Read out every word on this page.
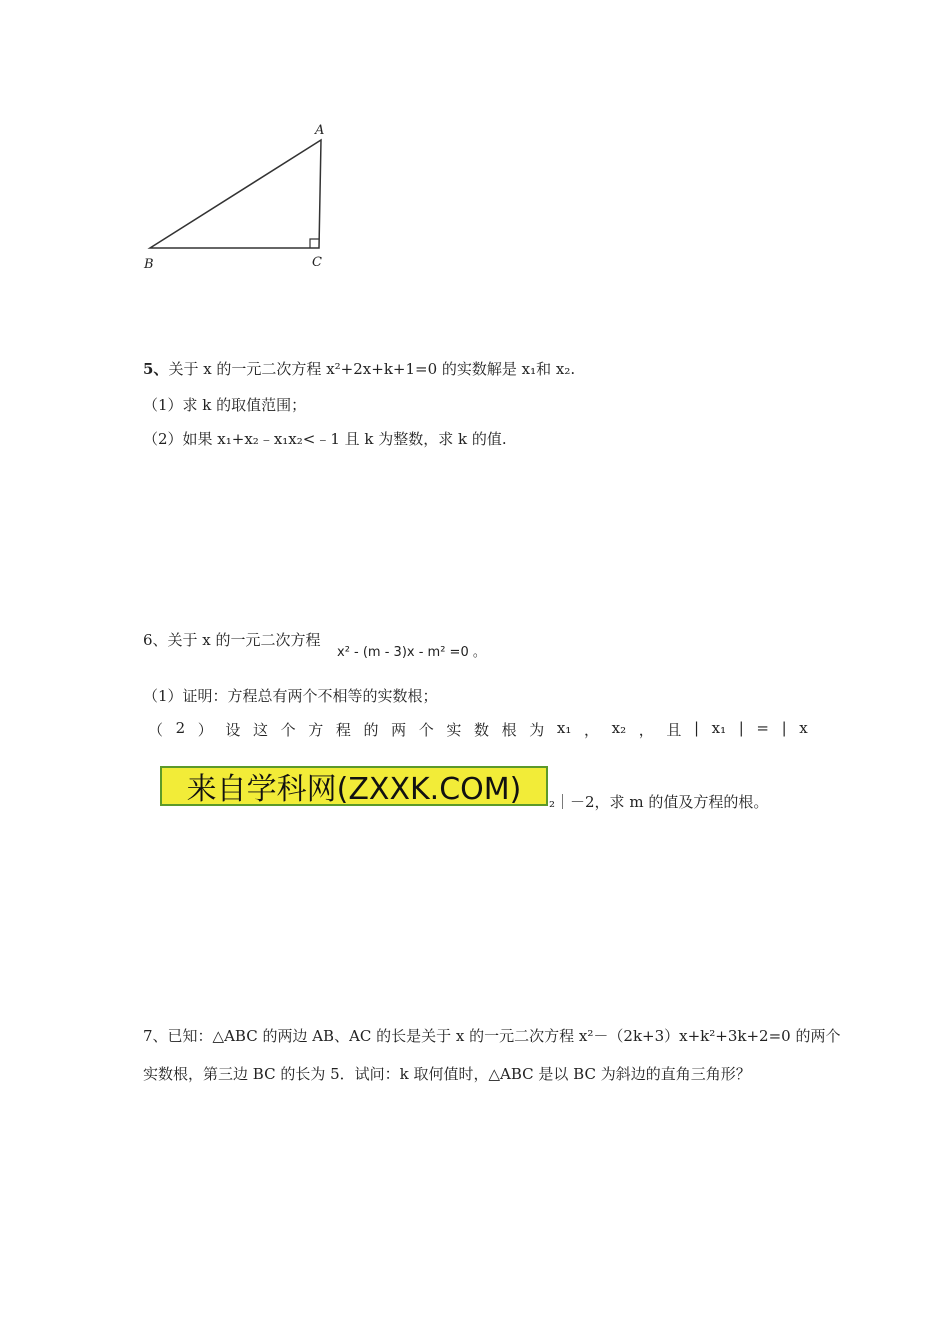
A
B	C
5、关于 x 的一元二次方程 x²+2x+k+1=0 的实数解是 x₁和 x₂.
（1）求 k 的取值范围；
（2）如果 x₁+x₂﹣x₁x₂<﹣1 且 k 为整数，求 k 的值.
6、关于 x 的一元二次方程
x² - (m - 3)x - m² =0 。
（1）证明：方程总有两个不相等的实数根；
（ 2 ） 设 这 个 方 程 的 两 个 实 数 根 为 x₁ ， x₂ ， 且 | x₁ | = | x
来自学科网(ZXXK.COM)	₂｜－2，求 m 的值及方程的根。
7、已知：△ABC 的两边 AB、AC 的长是关于 x 的一元二次方程 x²－（2k+3）x+k²+3k+2=0 的两个
实数根，第三边 BC 的长为 5．试问：k 取何值时，△ABC 是以 BC 为斜边的直角三角形？
